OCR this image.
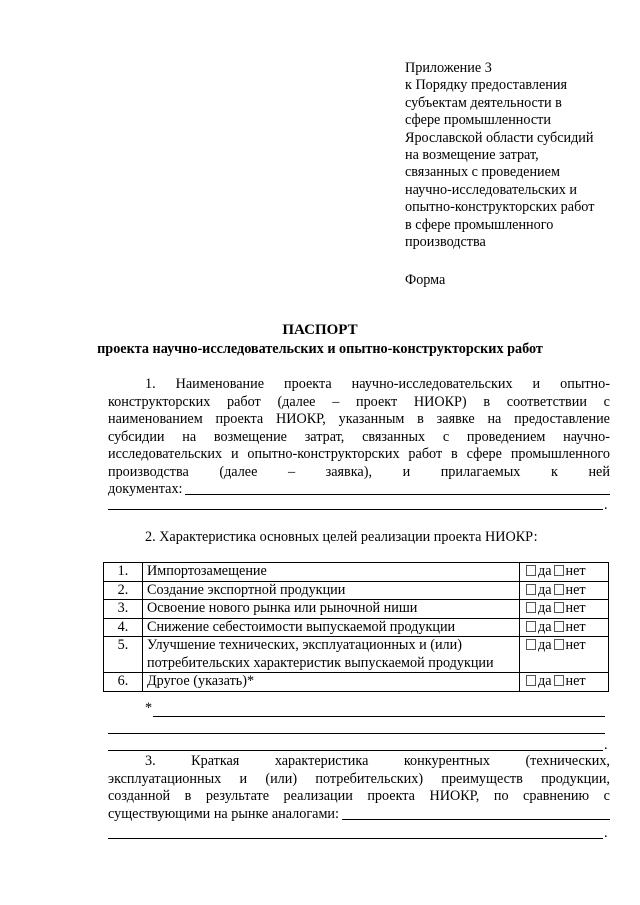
Приложение 3
к Порядку предоставления
субъектам деятельности в
сфере промышленности
Ярославской области субсидий
на возмещение затрат,
связанных с проведением
научно-исследовательских и
опытно-конструкторских работ
в сфере промышленного
производства
Форма
ПАСПОРТ
проекта научно-исследовательских и опытно-конструкторских работ
1. Наименование проекта научно-исследовательских и опытно-
конструкторских работ (далее – проект НИОКР) в соответствии с
наименованием проекта НИОКР, указанным в заявке на предоставление
субсидии на возмещение затрат, связанных с проведением научно-
исследовательских и опытно-конструкторских работ в сфере промышленного
производства (далее – заявка), и прилагаемых к ней
документах:
.
2. Характеристика основных целей реализации проекта НИОКР:
1.	Импортозамещение	да нет
2.	Создание экспортной продукции	да нет
3.	Освоение нового рынка или рыночной ниши	да нет
4.	Снижение себестоимости выпускаемой продукции	да нет
5.	Улучшение технических, эксплуатационных и (или) потребительских характеристик выпускаемой продукции	да нет
6.	Другое (указать)*	да нет
*
.
3.	Краткая	характеристика	конкурентных	(технических,
эксплуатационных и (или) потребительских) преимуществ продукции,
созданной в результате реализации проекта НИОКР, по сравнению с
существующими на рынке аналогами:
.
